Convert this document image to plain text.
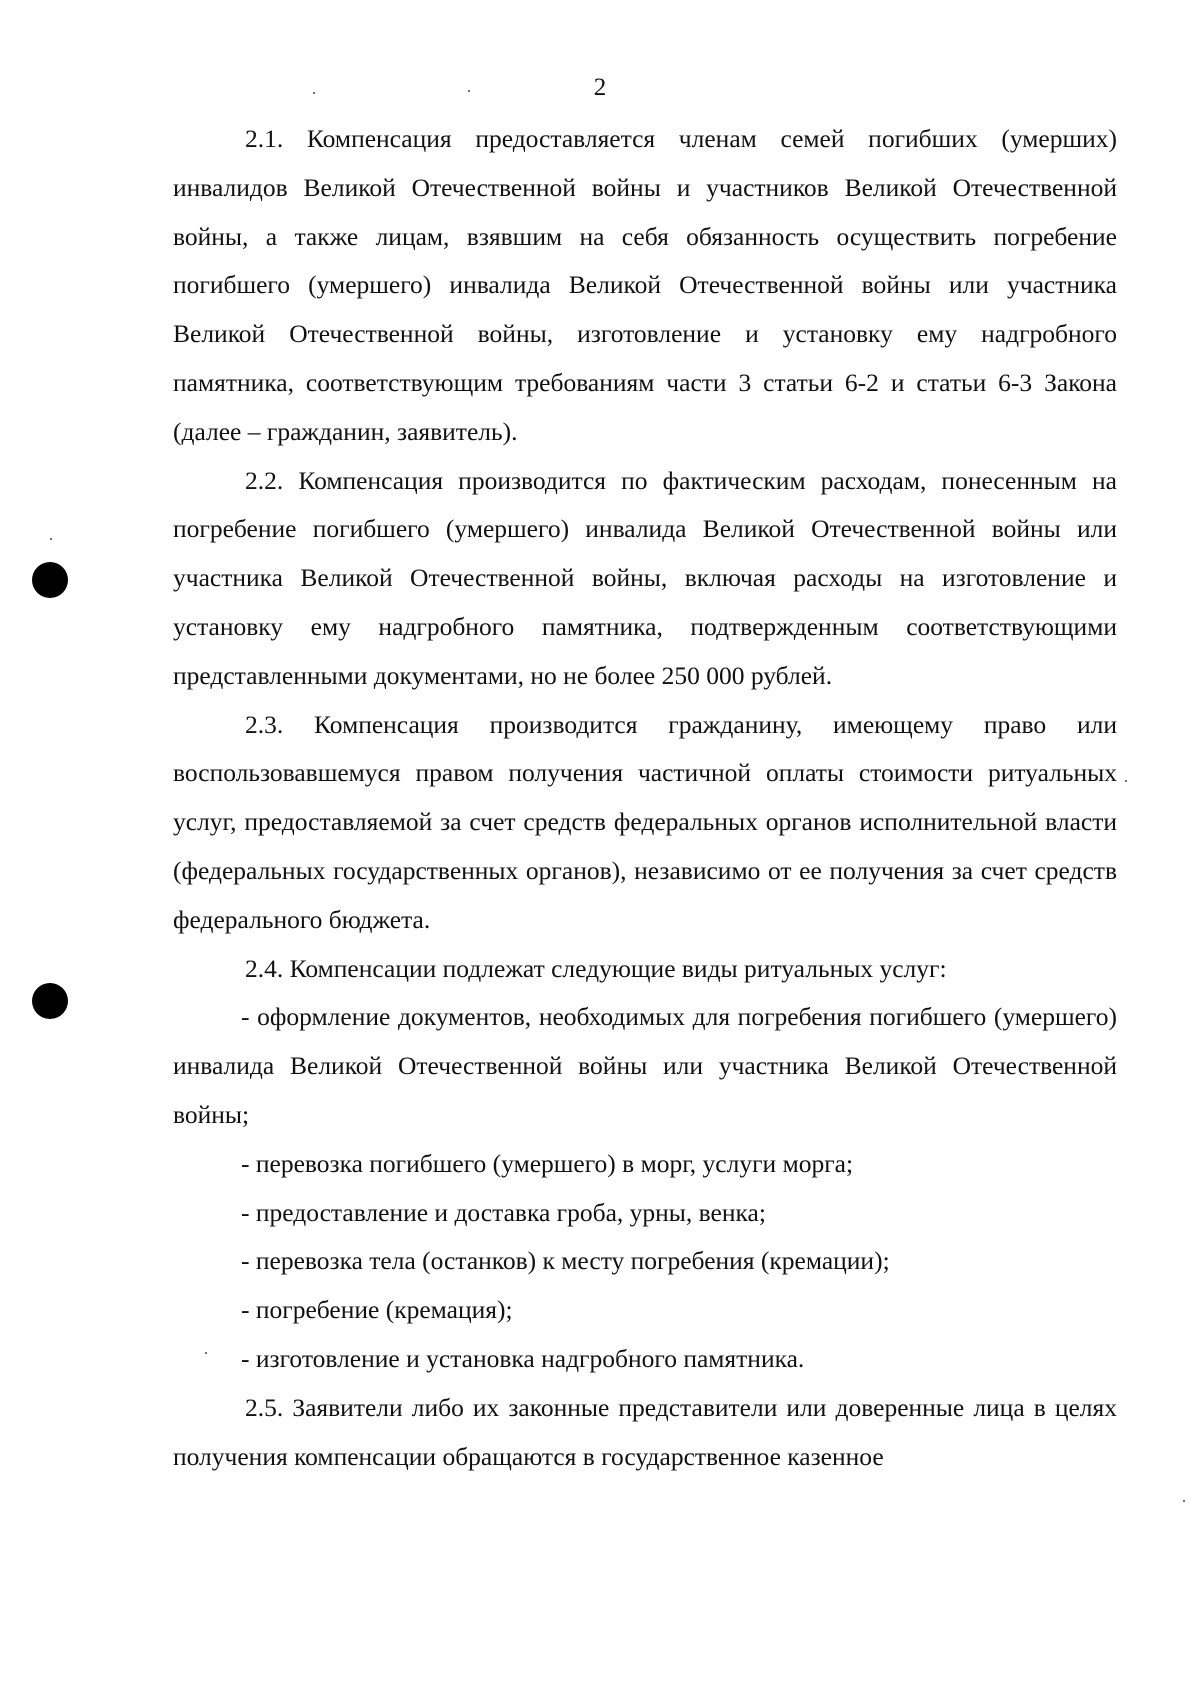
2

2.1. Компенсация предоставляется членам семей погибших (умерших) инвалидов Великой Отечественной войны и участников Великой Отечественной войны, а также лицам, взявшим на себя обязанность осуществить погребение погибшего (умершего) инвалида Великой Отечественной войны или участника Великой Отечественной войны, изготовление и установку ему надгробного памятника, соответствующим требованиям части 3 статьи 6-2 и статьи 6-3 Закона (далее – гражданин, заявитель).

2.2. Компенсация производится по фактическим расходам, понесенным на погребение погибшего (умершего) инвалида Великой Отечественной войны или участника Великой Отечественной войны, включая расходы на изготовление и установку ему надгробного памятника, подтвержденным соответствующими представленными документами, но не более 250 000 рублей.

2.3. Компенсация производится гражданину, имеющему право или воспользовавшемуся правом получения частичной оплаты стоимости ритуальных услуг, предоставляемой за счет средств федеральных органов исполнительной власти (федеральных государственных органов), независимо от ее получения за счет средств федерального бюджета.

2.4. Компенсации подлежат следующие виды ритуальных услуг:

- оформление документов, необходимых для погребения погибшего (умершего) инвалида Великой Отечественной войны или участника Великой Отечественной войны;

- перевозка погибшего (умершего) в морг, услуги морга;

- предоставление и доставка гроба, урны, венка;

- перевозка тела (останков) к месту погребения (кремации);

- погребение (кремация);

- изготовление и установка надгробного памятника.

2.5. Заявители либо их законные представители или доверенные лица в целях получения компенсации обращаются в государственное казенное
